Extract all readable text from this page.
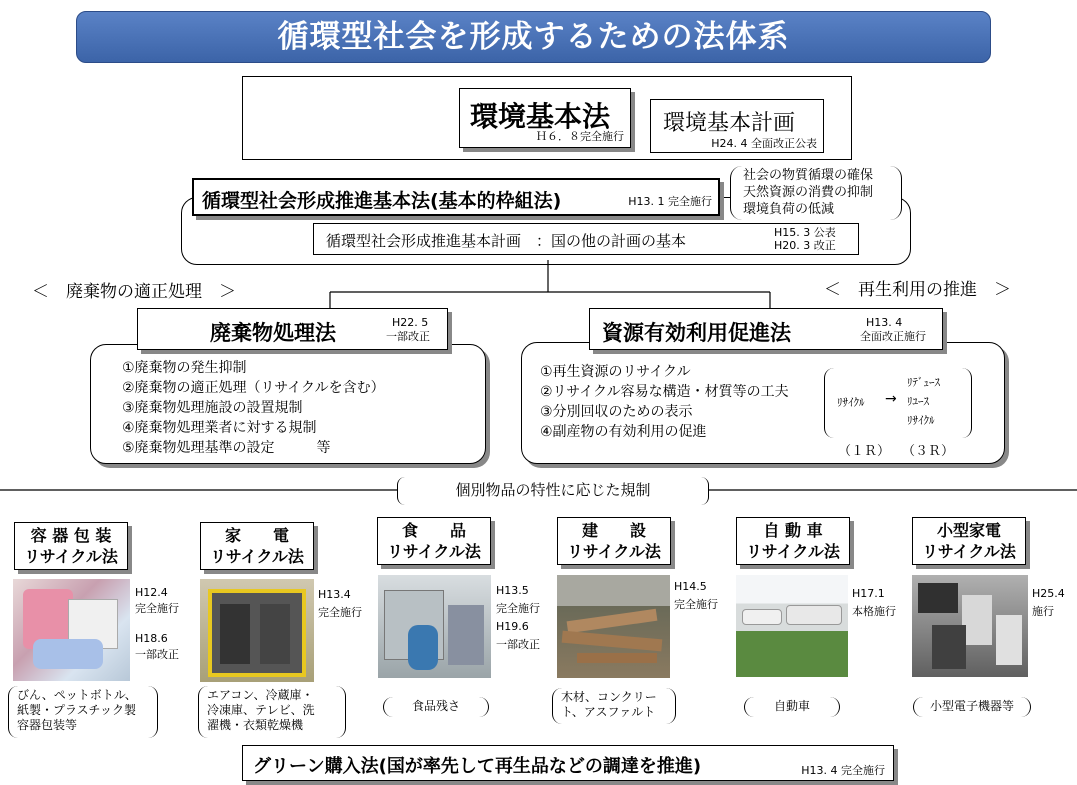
循環型社会を形成するための法体系
環境基本法
Ｈ６．８完全施行
環境基本計画
H24. 4 全面改正公表
循環型社会形成推進基本法(基本的枠組法)	H13. 1 完全施行
社会の物質循環の確保
天然資源の消費の抑制
環境負荷の低減
循環型社会形成推進基本計画　：国の他の計画の基本	H15. 3 公表
H20. 3 改正
＜　廃棄物の適正処理　＞	＜　再生利用の推進　＞
廃棄物処理法	H22. 5
一部改正
①廃棄物の発生抑制
②廃棄物の適正処理（リサイクルを含む）
③廃棄物処理施設の設置規制
④廃棄物処理業者に対する規制
⑤廃棄物処理基準の設定　　　等
資源有効利用促進法	H13. 4
全面改正施行
①再生資源のリサイクル
②リサイクル容易な構造・材質等の工夫
③分別回収のための表示
④副産物の有効利用の促進
ﾘｻｲｸﾙ →
ﾘﾃﾞｭｰｽ
ﾘﾕｰｽ
ﾘｻｲｸﾙ
（１Ｒ） （３Ｒ）
個別物品の特性に応じた規制
容 器 包 装
リサイクル法
家　　電
リサイクル法
食　　品
リサイクル法
建　　設
リサイクル法
自 動 車
リサイクル法
小型家電
リサイクル法
H12.4
完全施行
H18.6
一部改正
H13.4
完全施行
H13.5
完全施行
H19.6
一部改正
H14.5
完全施行
H17.1
本格施行
H25.4
施行
びん、ペットボトル、
紙製・プラスチック製
容器包装等
エアコン、冷蔵庫・
冷凍庫、テレビ、洗
濯機・衣類乾燥機
食品残さ
木材、コンクリー
ト、アスファルト	自動車	小型電子機器等
グリーン購入法(国が率先して再生品などの調達を推進)	H13. 4 完全施行
